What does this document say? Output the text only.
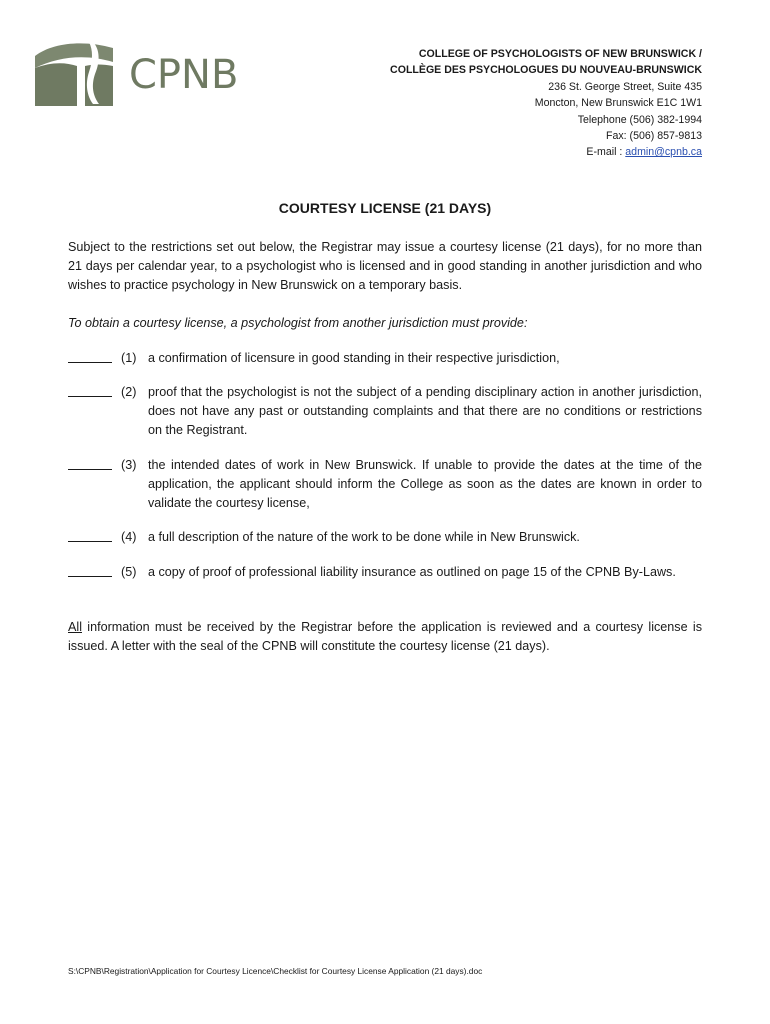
CPNB	COLLEGE OF PSYCHOLOGISTS OF NEW BRUNSWICK /
COLLÈGE DES PSYCHOLOGUES DU NOUVEAU-BRUNSWICK
236 St. George Street, Suite 435
Moncton, New Brunswick E1C 1W1
Telephone (506) 382-1994
Fax: (506) 857-9813
E-mail : admin@cpnb.ca
COURTESY LICENSE (21 DAYS)
Subject to the restrictions set out below, the Registrar may issue a courtesy license (21 days), for no more than 21 days per calendar year, to a psychologist who is licensed and in good standing in another jurisdiction and who wishes to practice psychology in New Brunswick on a temporary basis.
To obtain a courtesy license, a psychologist from another jurisdiction must provide:
(1) a confirmation of licensure in good standing in their respective jurisdiction,
(2) proof that the psychologist is not the subject of a pending disciplinary action in another jurisdiction, does not have any past or outstanding complaints and that there are no conditions or restrictions on the Registrant.
(3) the intended dates of work in New Brunswick. If unable to provide the dates at the time of the application, the applicant should inform the College as soon as the dates are known in order to validate the courtesy license,
(4) a full description of the nature of the work to be done while in New Brunswick.
(5) a copy of proof of professional liability insurance as outlined on page 15 of the CPNB By-Laws.
All information must be received by the Registrar before the application is reviewed and a courtesy license is issued. A letter with the seal of the CPNB will constitute the courtesy license (21 days).
S:\CPNB\Registration\Application for Courtesy Licence\Checklist for Courtesy License Application (21 days).doc
